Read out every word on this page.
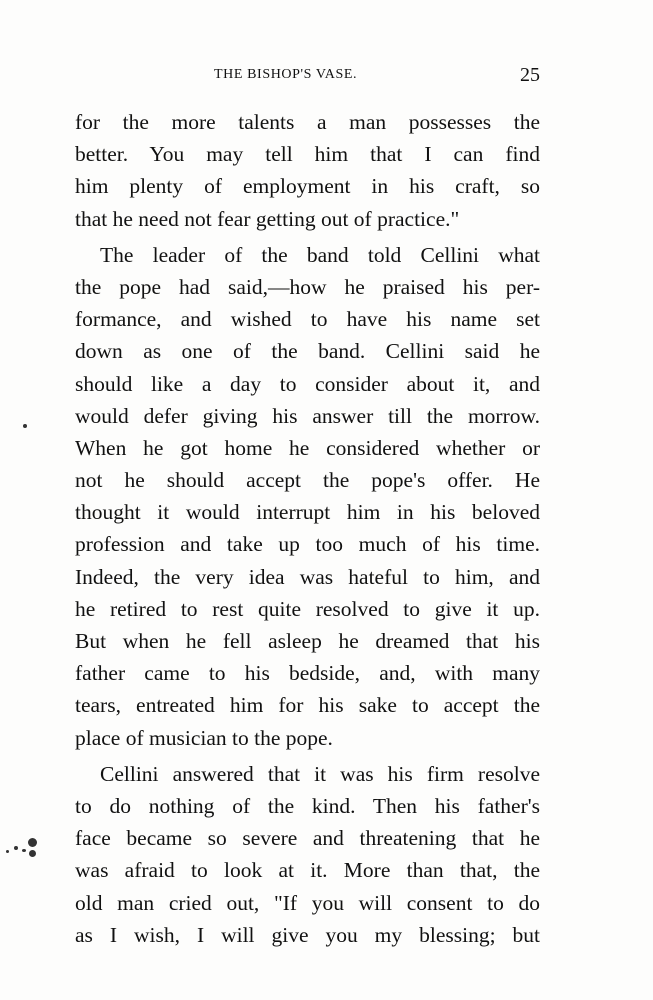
THE BISHOP'S VASE.	25
for the more talents a man possesses the
better. You may tell him that I can find
him plenty of employment in his craft, so
that he need not fear getting out of practice."
The leader of the band told Cellini what
the pope had said,—how he praised his per-
formance, and wished to have his name set
down as one of the band. Cellini said he
should like a day to consider about it, and
would defer giving his answer till the morrow.
When he got home he considered whether or
not he should accept the pope's offer. He
thought it would interrupt him in his beloved
profession and take up too much of his time.
Indeed, the very idea was hateful to him, and
he retired to rest quite resolved to give it up.
But when he fell asleep he dreamed that his
father came to his bedside, and, with many
tears, entreated him for his sake to accept the
place of musician to the pope.
Cellini answered that it was his firm resolve
to do nothing of the kind. Then his father's
face became so severe and threatening that he
was afraid to look at it. More than that, the
old man cried out, "If you will consent to do
as I wish, I will give you my blessing; but
